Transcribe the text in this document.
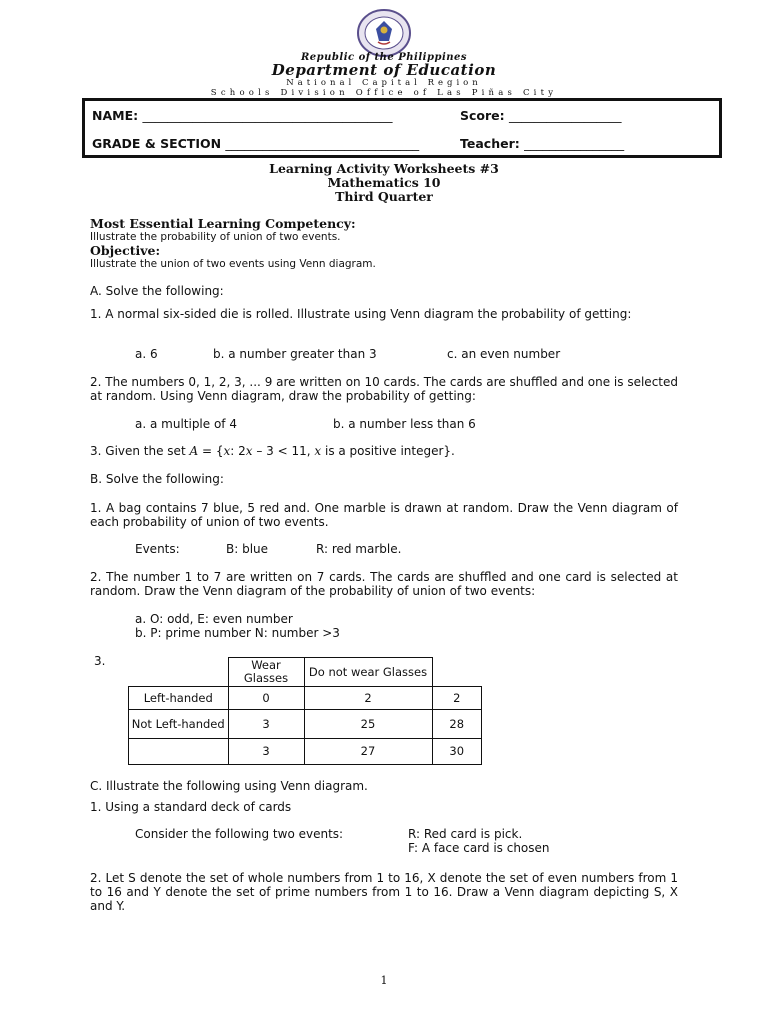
Republic of the Philippines
Department of Education
National Capital Region
Schools Division Office of Las Piñas City
NAME: ________________________________________	Score: __________________
GRADE & SECTION _______________________________	Teacher: ________________
Learning Activity Worksheets #3
Mathematics 10
Third Quarter
Most Essential Learning Competency:
Illustrate the probability of union of two events.
Objective:
Illustrate the union of two events using Venn diagram.
A. Solve the following:
1. A normal six-sided die is rolled. Illustrate using Venn diagram the probability of getting:
a. 6	b. a number greater than 3	c. an even number
2. The numbers 0, 1, 2, 3, ... 9 are written on 10 cards. The cards are shuffled and one is selected at random. Using Venn diagram, draw the probability of getting:
a. a multiple of 4	b. a number less than 6
3. Given the set A = {x: 2x – 3 < 11, x is a positive integer}.
B. Solve the following:
1. A bag contains 7 blue, 5 red and. One marble is drawn at random. Draw the Venn diagram of each probability of union of two events.
Events:	B: blue	R: red marble.
2. The number 1 to 7 are written on 7 cards. The cards are shuffled and one card is selected at random. Draw the Venn diagram of the probability of union of two events:
a. O: odd, E: even number
b. P: prime number N: number >3
3.
		Wear Glasses	Do not wear Glasses	
Left-handed	0	2	2
Not Left-handed	3	25	28
	3	27	30
C. Illustrate the following using Venn diagram.
1. Using a standard deck of cards
Consider the following two events:	R: Red card is pick.
F: A face card is chosen
2. Let S denote the set of whole numbers from 1 to 16, X denote the set of even numbers from 1 to 16 and Y denote the set of prime numbers from 1 to 16. Draw a Venn diagram depicting S, X and Y.
1
